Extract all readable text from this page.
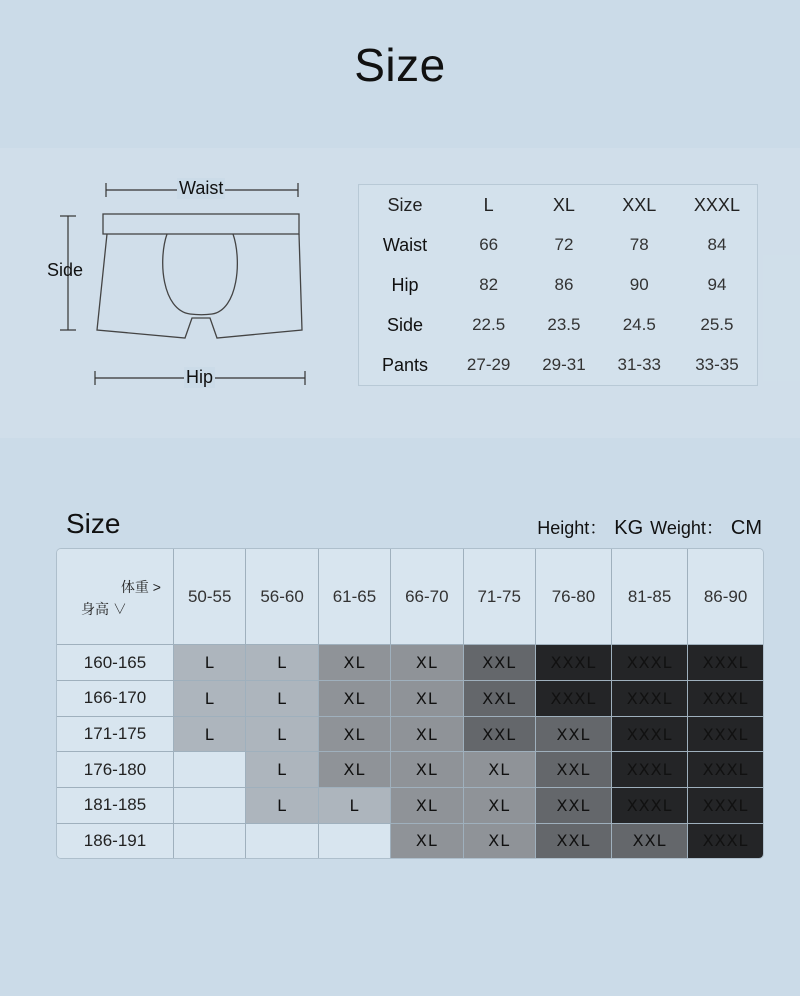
Size
Waist
Side
Hip
Size	L	XL	XXL	XXXL
Waist	66	72	78	84
Hip	82	86	90	94
Side	22.5	23.5	24.5	25.5
Pants	27-29	29-31	31-33	33-35
Size	Height： KG Weight： CM
体重 >
身高 ∨	50-55	56-60	61-65	66-70	71-75	76-80	81-85	86-90
160-165	L	L	XL	XL	XXL	XXXL	XXXL	XXXL
166-170	L	L	XL	XL	XXL	XXXL	XXXL	XXXL
171-175	L	L	XL	XL	XXL	XXL	XXXL	XXXL
176-180		L	XL	XL	XL	XXL	XXXL	XXXL
181-185		L	L	XL	XL	XXL	XXXL	XXXL
186-191				XL	XL	XXL	XXL	XXXL
